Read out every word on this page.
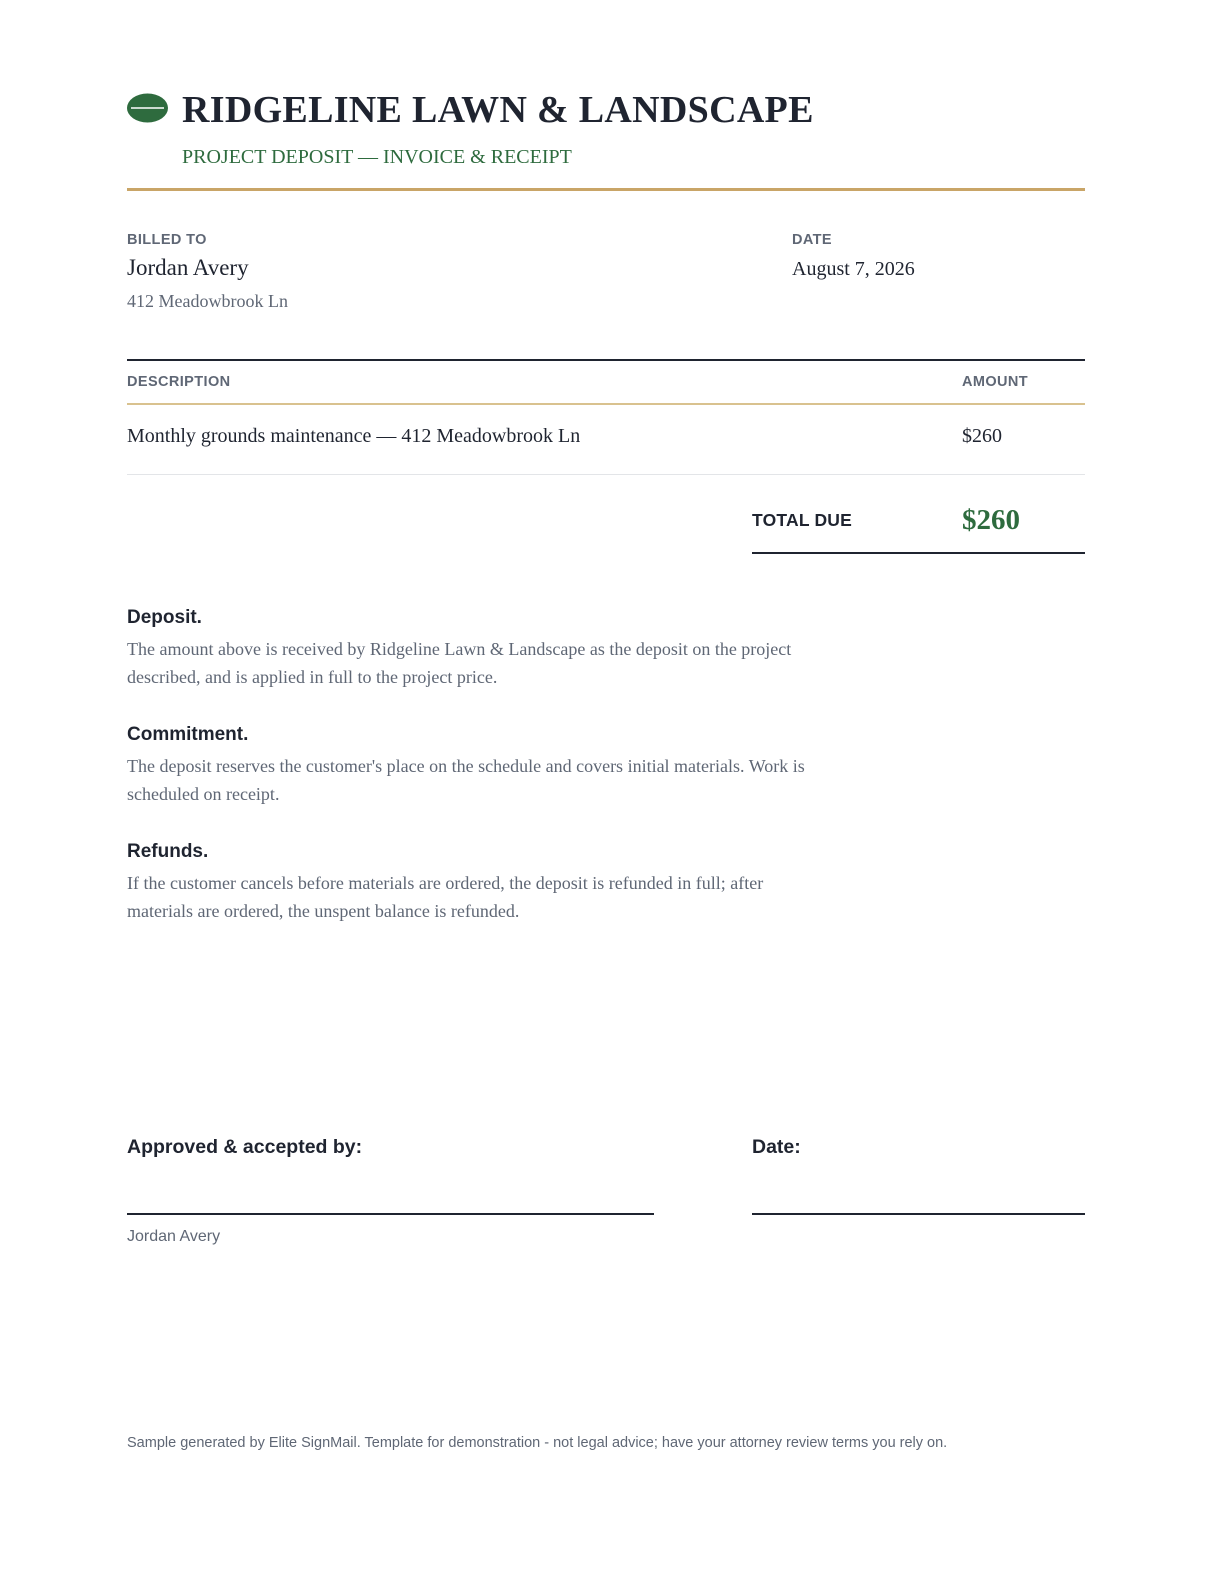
RIDGELINE LAWN & LANDSCAPE
PROJECT DEPOSIT — INVOICE & RECEIPT
BILLED TO
Jordan Avery
412 Meadowbrook Ln
DATE
August 7, 2026
DESCRIPTION	AMOUNT
Monthly grounds maintenance — 412 Meadowbrook Ln	$260
TOTAL DUE	$260

Deposit.

The amount above is received by Ridgeline Lawn & Landscape as the deposit on the project described, and is applied in full to the project price.

Commitment.

The deposit reserves the customer's place on the schedule and covers initial materials. Work is scheduled on receipt.

Refunds.

If the customer cancels before materials are ordered, the deposit is refunded in full; after materials are ordered, the unspent balance is refunded.

Approved & accepted by:	Date:
Jordan Avery
Sample generated by Elite SignMail. Template for demonstration - not legal advice; have your attorney review terms you rely on.
